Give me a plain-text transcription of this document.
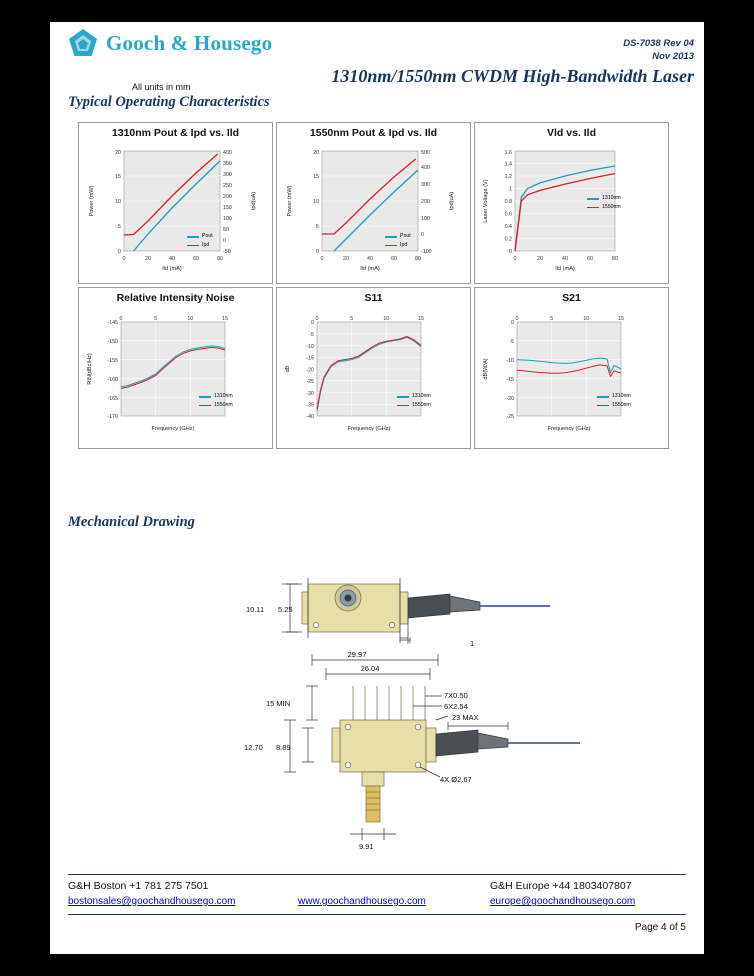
Gooch & Housego	DS-7038 Rev 04
Nov 2013
1310nm/1550nm CWDM High-Bandwidth Laser
Typical Operating Characteristics
1310nm Pout & Ipd vs. Ild
0
5
10
15
20
-50
0
50
100
150
200
250
300
350
400
0	20	40	60	80
Ild (mA)
Power (mW)	Ipd(uA)
Pout
Ipd
1550nm Pout & Ipd vs. Ild
0
5
10
15
20
-100
0
100
200
300
400
500
0	20	40	60	80
Ild (mA)
Power (mW)	Ipd(uA)
Pout
Ipd
Vld vs. Ild
0
0.2
0.4
0.6
0.8
1
1.2
1.4
1.6
0	20	40	60	80
Ild (mA)
Laser Voltage (V)	1310nm
1550nm
Relative Intensity Noise
-145
-150
-155
-160
-165
-170
0	5	10	15
Frequency (GHz)
RIN(dBc/Hz)
1310nm
1550nm
S11
0
-5
-10
-15
-20
-25
-30
-35
-40
0	5	10	15
Frequency (GHz)
dB
1310nm
1550nm
S21
0
-5
-10
-15
-20
-25
0	5	10	15
Frequency (GHz)
dB(W/A)
1310nm
1550nm
Mechanical Drawing
All units in mm
10.11 5.25
1
29.97
26.04
15 MIN
7X0.50
6X2.54
23 MAX
12.70 8.89
4X Ø2.67
9.91
G&H Boston +1 781 275 7501	G&H Europe +44 1803407807
bostonsales@goochandhousego.com	www.goochandhousego.com	europe@goochandhousego.com
Page 4 of 5
